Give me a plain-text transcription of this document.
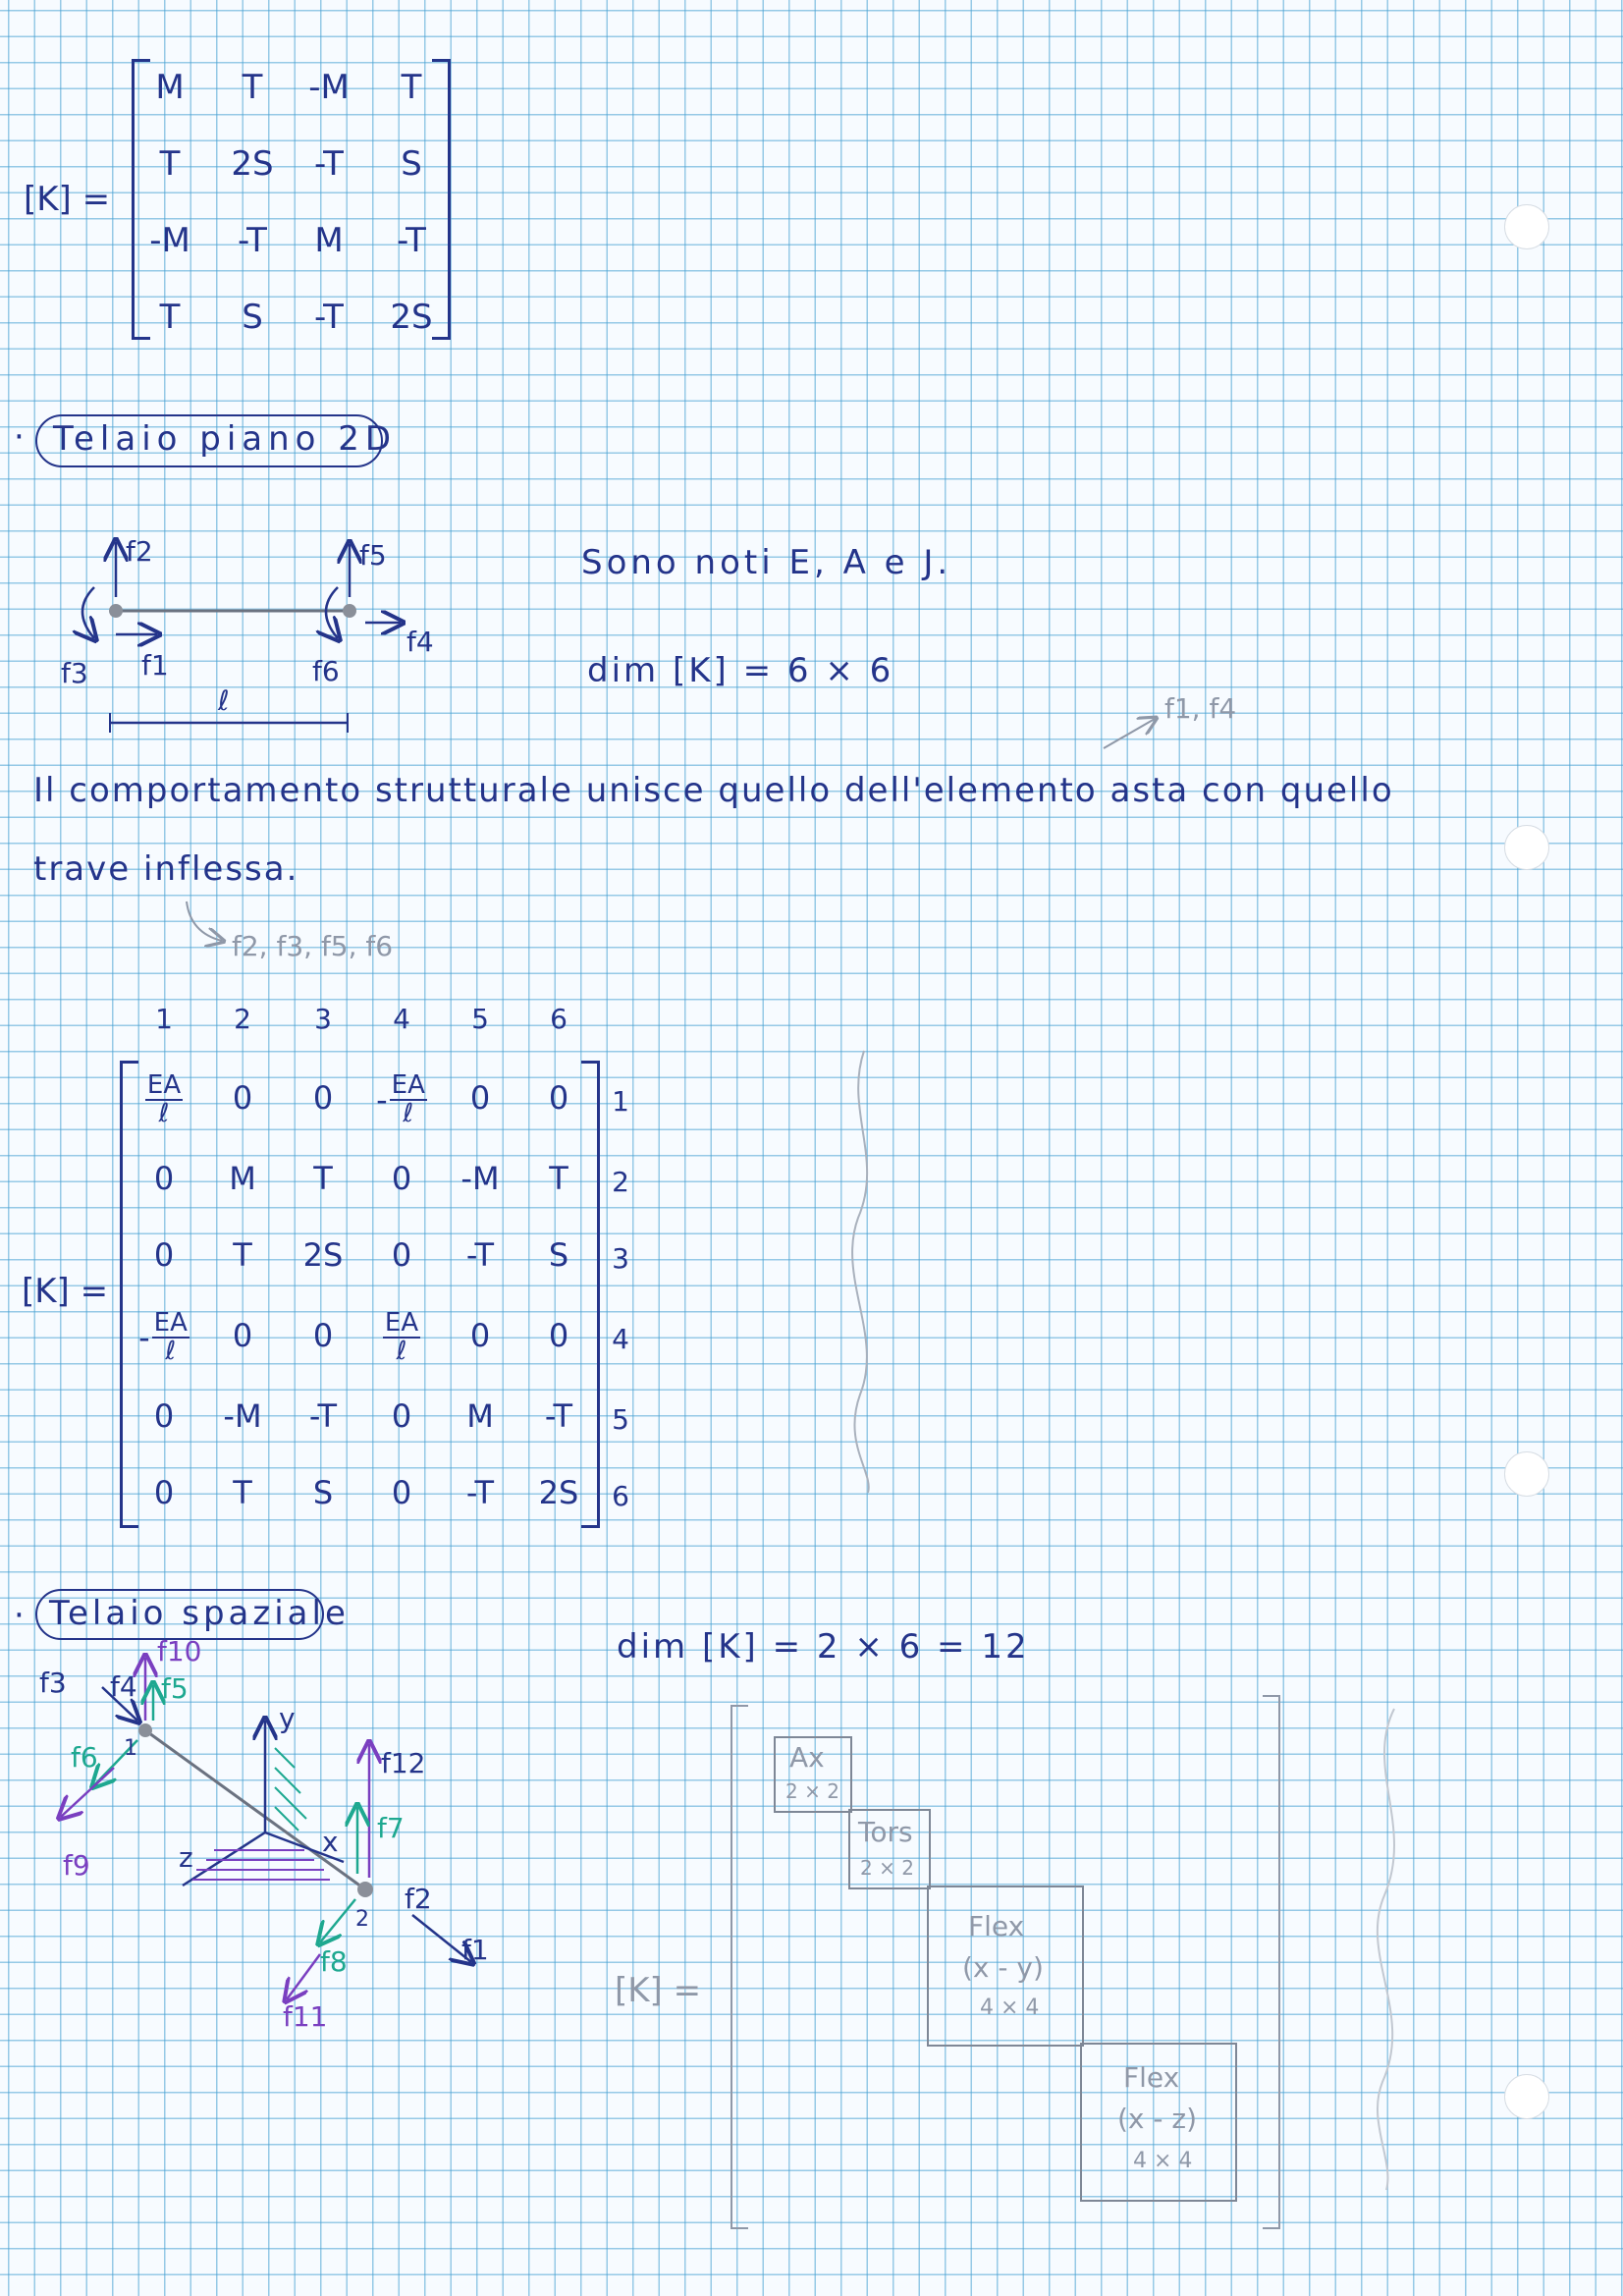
[K] =
M	T	-M	T
T	2S	-T	S
-M	-T	M	-T
T	S	-T	2S
· Telaio piano 2D
f2	f5
f4
f3 f1	f6
ℓ
Sono noti E, A e J.
dim [K] = 6 × 6
f1, f4
Il comportamento strutturale unisce quello dell'elemento asta con quello
trave inflessa.
f2, f3, f5, f6
[K] =
1	2	3	4	5	6
1
2
3
4
5
6
$\frac{EA}{\text{ℓ}}$	0	0	- $\frac{EA}{\text{ℓ}}$	0	0
0	M	T	0	-M	T
0	T	2S	0	-T	S
- $\frac{EA}{\text{ℓ}}$	0	0	$\frac{EA}{\text{ℓ}}$	0	0
0	-M	-T	0	M	-T
0	T	S	0	-T	2S
· Telaio spaziale
dim [K] = 2 × 6 = 12
f10
f3 f4 f5
f6 1
f9
y
x
z
f12
f7
2
f2
f1
f8
f11
[K] =
Ax
2 × 2
Tors
2 × 2
Flex
(x - y)
4 × 4
Flex
(x - z)
4 × 4
